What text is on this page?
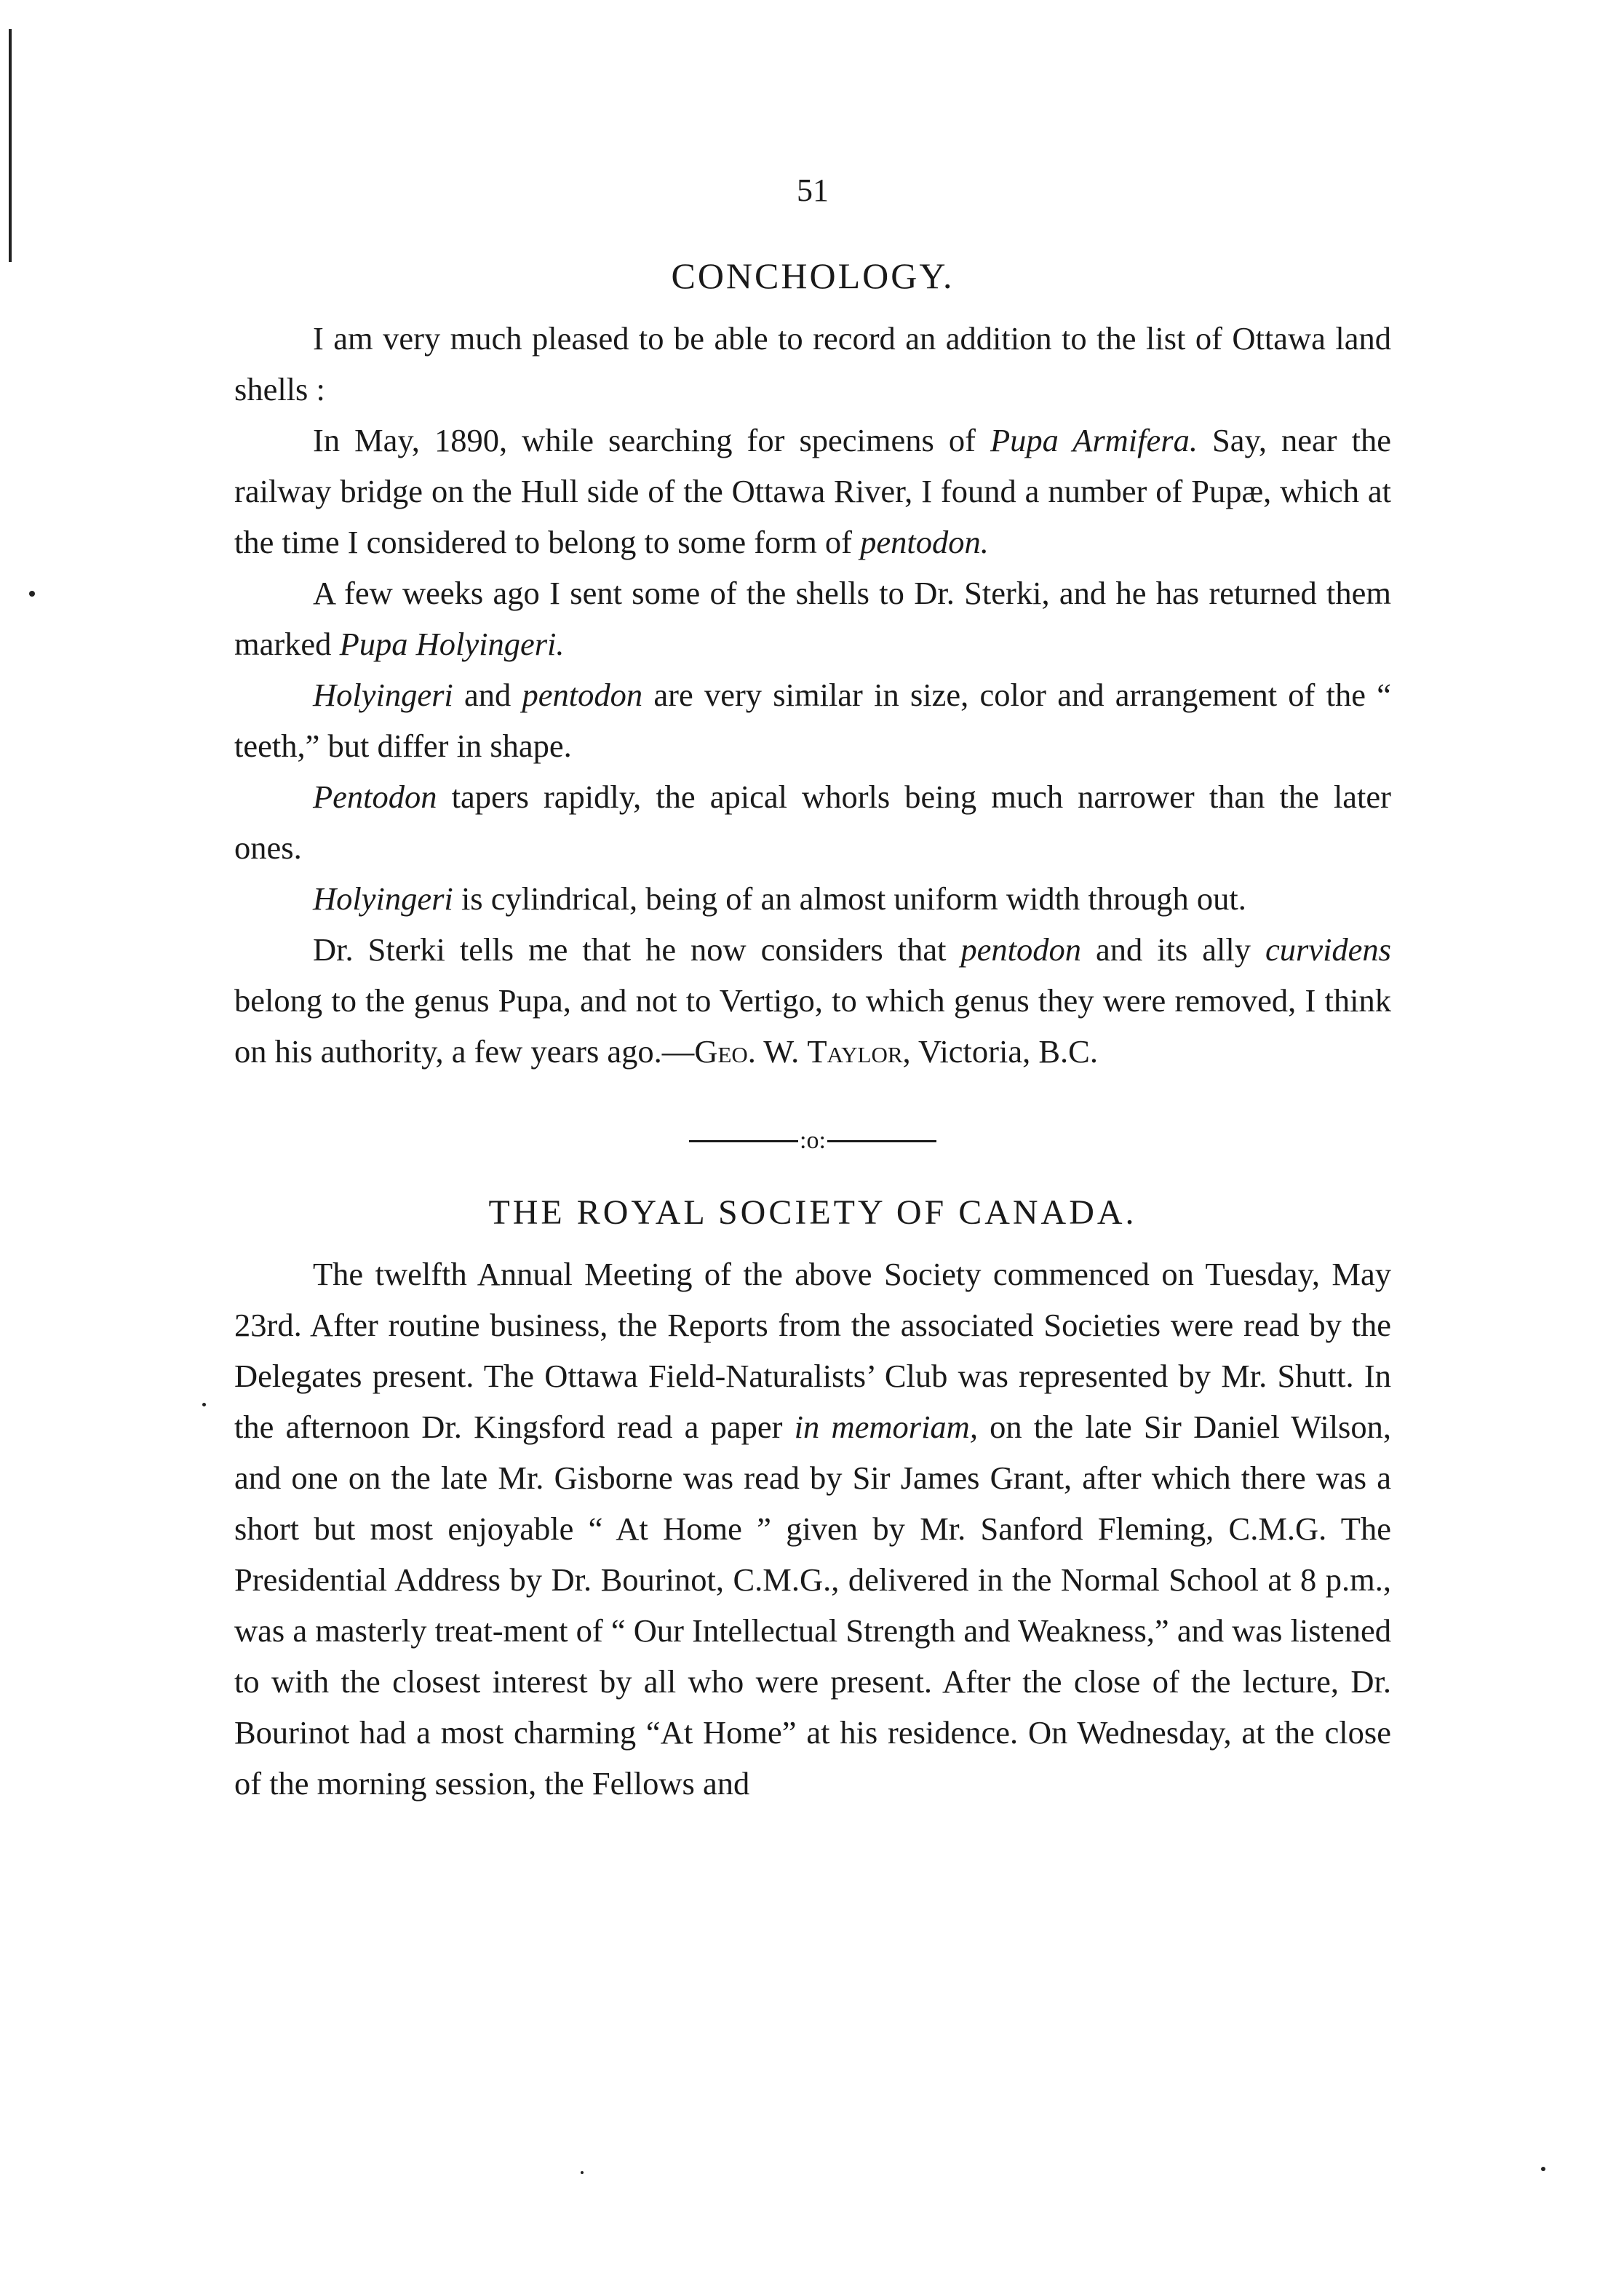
51
CONCHOLOGY.

I am very much pleased to be able to record an addition to the list of Ottawa land shells :

In May, 1890, while searching for specimens of Pupa Armifera. Say, near the railway bridge on the Hull side of the Ottawa River, I found a number of Pupæ, which at the time I considered to belong to some form of pentodon.

A few weeks ago I sent some of the shells to Dr. Sterki, and he has returned them marked Pupa Holyingeri.

Holyingeri and pentodon are very similar in size, color and arrangement of the “ teeth,” but differ in shape.

Pentodon tapers rapidly, the apical whorls being much narrower than the later ones.

Holyingeri is cylindrical, being of an almost uniform width through out.

Dr. Sterki tells me that he now considers that pentodon and its ally curvidens belong to the genus Pupa, and not to Vertigo, to which genus they were removed, I think on his authority, a few years ago.—Geo. W. Taylor, Victoria, B.C.

:o:
THE ROYAL SOCIETY OF CANADA.

The twelfth Annual Meeting of the above Society commenced on Tuesday, May 23rd. After routine business, the Reports from the associated Societies were read by the Delegates present. The Ottawa Field-Naturalists’ Club was represented by Mr. Shutt. In the afternoon Dr. Kingsford read a paper in memoriam, on the late Sir Daniel Wilson, and one on the late Mr. Gisborne was read by Sir James Grant, after which there was a short but most enjoyable “ At Home ” given by Mr. Sanford Fleming, C.M.G. The Presidential Address by Dr. Bourinot, C.M.G., delivered in the Normal School at 8 p.m., was a masterly treat-ment of “ Our Intellectual Strength and Weakness,” and was listened to with the closest interest by all who were present. After the close of the lecture, Dr. Bourinot had a most charming “At Home” at his residence. On Wednesday, at the close of the morning session, the Fellows and
